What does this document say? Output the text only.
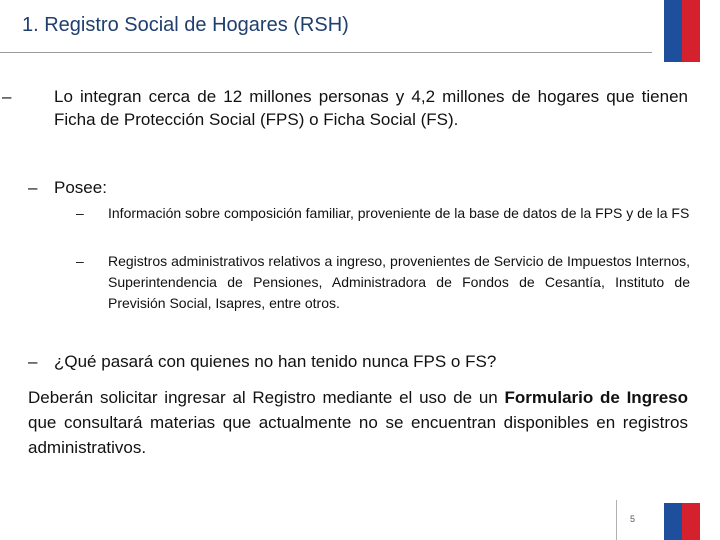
1. Registro Social de Hogares (RSH)
–	Lo integran cerca de 12 millones personas y 4,2 millones de hogares que tienen Ficha de Protección Social (FPS) o Ficha Social (FS).
– Posee:
– Información sobre composición familiar, proveniente de la base de datos de la FPS y de la FS
– Registros administrativos relativos a ingreso, provenientes de Servicio de Impuestos Internos, Superintendencia de Pensiones, Administradora de Fondos de Cesantía, Instituto de Previsión Social, Isapres, entre otros.
– ¿Qué pasará con quienes no han tenido nunca FPS o FS?
Deberán solicitar ingresar al Registro mediante el uso de un Formulario de Ingreso que consultará materias que actualmente no se encuentran disponibles en registros administrativos.
5
